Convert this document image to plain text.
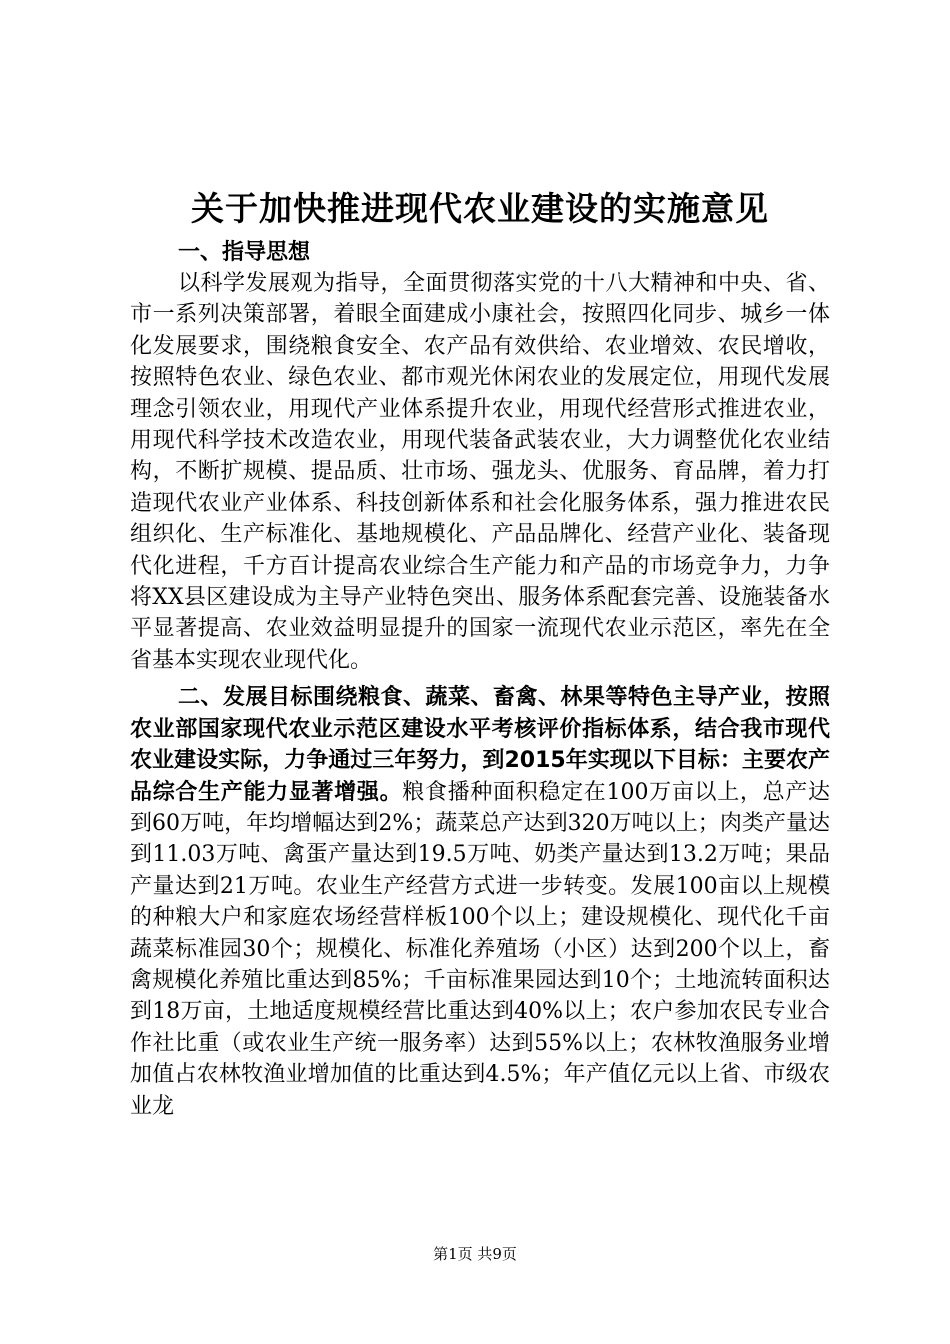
关于加快推进现代农业建设的实施意见

一、指导思想

以科学发展观为指导，全面贯彻落实党的十八大精神和中央、省、市一系列决策部署，着眼全面建成小康社会，按照四化同步、城乡一体化发展要求，围绕粮食安全、农产品有效供给、农业增效、农民增收，按照特色农业、绿色农业、都市观光休闲农业的发展定位，用现代发展理念引领农业，用现代产业体系提升农业，用现代经营形式推进农业，用现代科学技术改造农业，用现代装备武装农业，大力调整优化农业结构，不断扩规模、提品质、壮市场、强龙头、优服务、育品牌，着力打造现代农业产业体系、科技创新体系和社会化服务体系，强力推进农民组织化、生产标准化、基地规模化、产品品牌化、经营产业化、装备现代化进程，千方百计提高农业综合生产能力和产品的市场竞争力，力争将XX县区建设成为主导产业特色突出、服务体系配套完善、设施装备水平显著提高、农业效益明显提升的国家一流现代农业示范区，率先在全省基本实现农业现代化。

二、发展目标围绕粮食、蔬菜、畜禽、林果等特色主导产业，按照农业部国家现代农业示范区建设水平考核评价指标体系，结合我市现代农业建设实际，力争通过三年努力，到2015年实现以下目标：主要农产品综合生产能力显著增强。粮食播种面积稳定在100万亩以上，总产达到60万吨，年均增幅达到2%；蔬菜总产达到320万吨以上；肉类产量达到11.03万吨、禽蛋产量达到19.5万吨、奶类产量达到13.2万吨；果品产量达到21万吨。农业生产经营方式进一步转变。发展100亩以上规模的种粮大户和家庭农场经营样板100个以上；建设规模化、现代化千亩蔬菜标准园30个；规模化、标准化养殖场（小区）达到200个以上，畜禽规模化养殖比重达到85%；千亩标准果园达到10个；土地流转面积达到18万亩，土地适度规模经营比重达到40%以上；农户参加农民专业合作社比重（或农业生产统一服务率）达到55%以上；农林牧渔服务业增加值占农林牧渔业增加值的比重达到4.5%；年产值亿元以上省、市级农业龙

第1页 共9页
